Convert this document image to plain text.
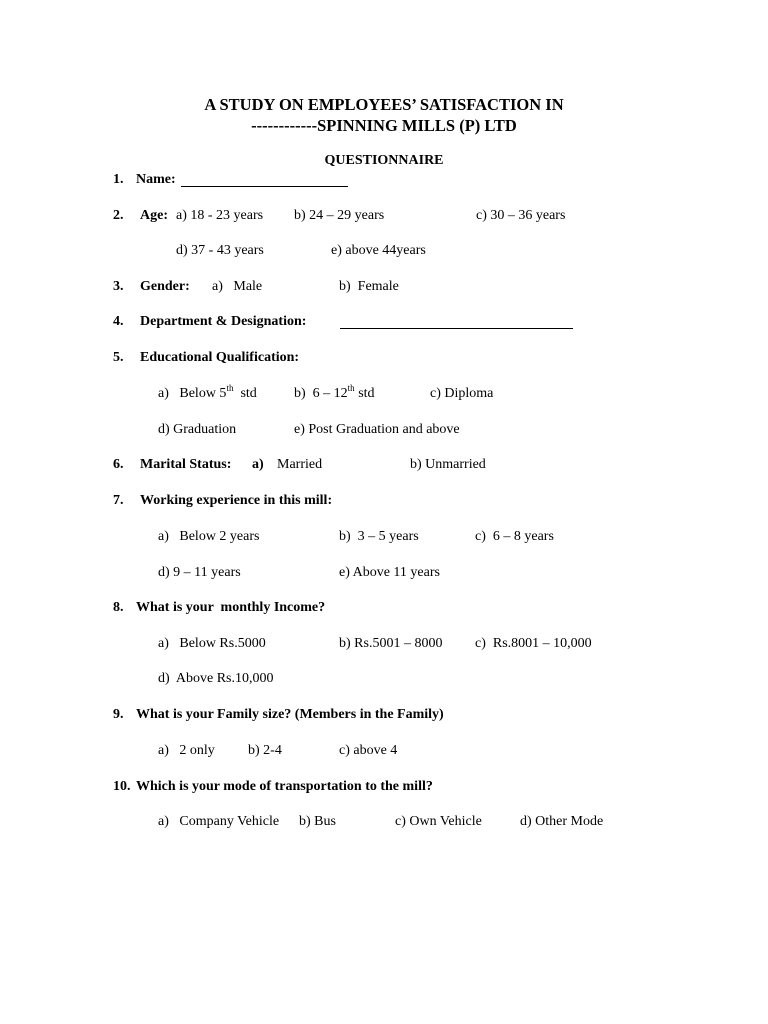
A STUDY ON EMPLOYEES’ SATISFACTION IN
------------SPINNING MILLS (P) LTD
QUESTIONNAIRE
1. Name:
2. Age: a) 18 - 23 years b) 24 – 29 years	c) 30 – 36 years
d) 37 - 43 years	e) above 44years
3. Gender: a)   Male	b)  Female
4. Department & Designation:
5. Educational Qualification:
a)   Below 5th  std	b)  6 – 12th std	c) Diploma
d) Graduation	e) Post Graduation and above
6. Marital Status: a) Married	b) Unmarried
7. Working experience in this mill:
a)   Below 2 years	b)  3 – 5 years	c)  6 – 8 years
d) 9 – 11 years	e) Above 11 years
8. What is your  monthly Income?
a)   Below Rs.5000	b) Rs.5001 – 8000 c)  Rs.8001 – 10,000
d)  Above Rs.10,000
9. What is your Family size? (Members in the Family)
a)   2 only b) 2-4	c) above 4
10. Which is your mode of transportation to the mill?
a)   Company Vehicle b) Bus	c) Own Vehicle	d) Other Mode
